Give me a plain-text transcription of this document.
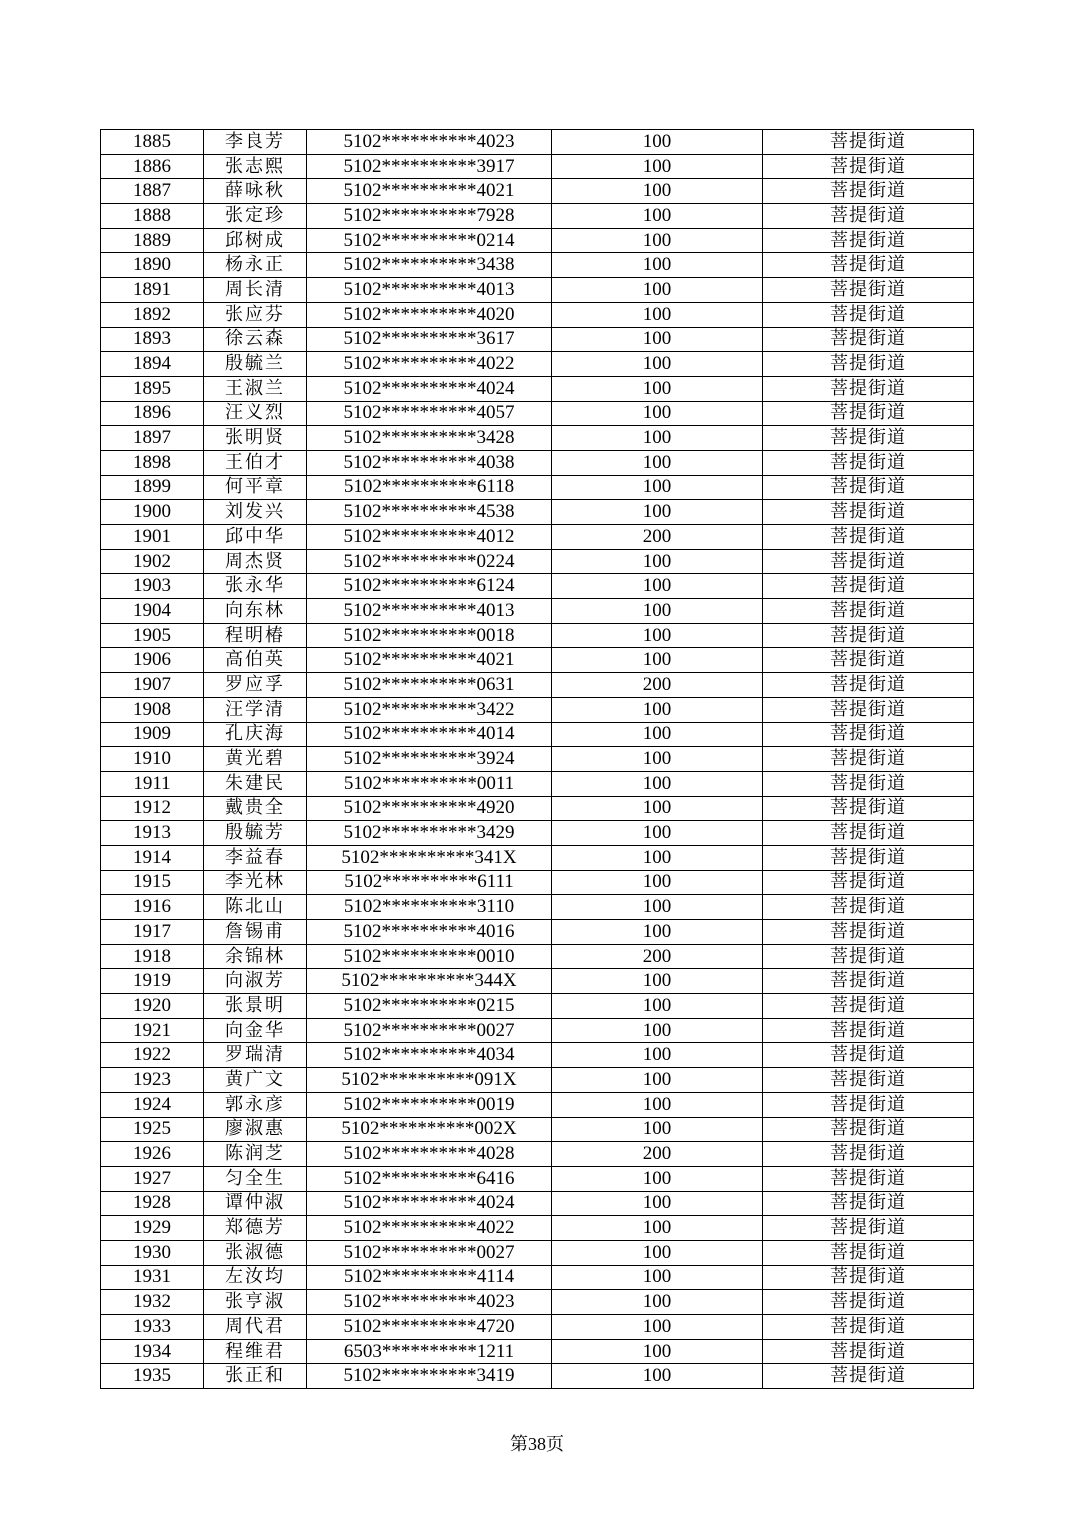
1885	李良芳	5102**********4023	100	菩提街道
1886	张志熙	5102**********3917	100	菩提街道
1887	薛咏秋	5102**********4021	100	菩提街道
1888	张定珍	5102**********7928	100	菩提街道
1889	邱树成	5102**********0214	100	菩提街道
1890	杨永正	5102**********3438	100	菩提街道
1891	周长清	5102**********4013	100	菩提街道
1892	张应芬	5102**********4020	100	菩提街道
1893	徐云森	5102**********3617	100	菩提街道
1894	殷毓兰	5102**********4022	100	菩提街道
1895	王淑兰	5102**********4024	100	菩提街道
1896	汪义烈	5102**********4057	100	菩提街道
1897	张明贤	5102**********3428	100	菩提街道
1898	王伯才	5102**********4038	100	菩提街道
1899	何平章	5102**********6118	100	菩提街道
1900	刘发兴	5102**********4538	100	菩提街道
1901	邱中华	5102**********4012	200	菩提街道
1902	周杰贤	5102**********0224	100	菩提街道
1903	张永华	5102**********6124	100	菩提街道
1904	向东林	5102**********4013	100	菩提街道
1905	程明椿	5102**********0018	100	菩提街道
1906	高伯英	5102**********4021	100	菩提街道
1907	罗应孚	5102**********0631	200	菩提街道
1908	汪学清	5102**********3422	100	菩提街道
1909	孔庆海	5102**********4014	100	菩提街道
1910	黄光碧	5102**********3924	100	菩提街道
1911	朱建民	5102**********0011	100	菩提街道
1912	戴贵全	5102**********4920	100	菩提街道
1913	殷毓芳	5102**********3429	100	菩提街道
1914	李益春	5102**********341X	100	菩提街道
1915	李光林	5102**********6111	100	菩提街道
1916	陈北山	5102**********3110	100	菩提街道
1917	詹锡甫	5102**********4016	100	菩提街道
1918	余锦林	5102**********0010	200	菩提街道
1919	向淑芳	5102**********344X	100	菩提街道
1920	张景明	5102**********0215	100	菩提街道
1921	向金华	5102**********0027	100	菩提街道
1922	罗瑞清	5102**********4034	100	菩提街道
1923	黄广文	5102**********091X	100	菩提街道
1924	郭永彦	5102**********0019	100	菩提街道
1925	廖淑惠	5102**********002X	100	菩提街道
1926	陈润芝	5102**********4028	200	菩提街道
1927	匀全生	5102**********6416	100	菩提街道
1928	谭仲淑	5102**********4024	100	菩提街道
1929	郑德芳	5102**********4022	100	菩提街道
1930	张淑德	5102**********0027	100	菩提街道
1931	左汝均	5102**********4114	100	菩提街道
1932	张亨淑	5102**********4023	100	菩提街道
1933	周代君	5102**********4720	100	菩提街道
1934	程维君	6503**********1211	100	菩提街道
1935	张正和	5102**********3419	100	菩提街道
第38页
